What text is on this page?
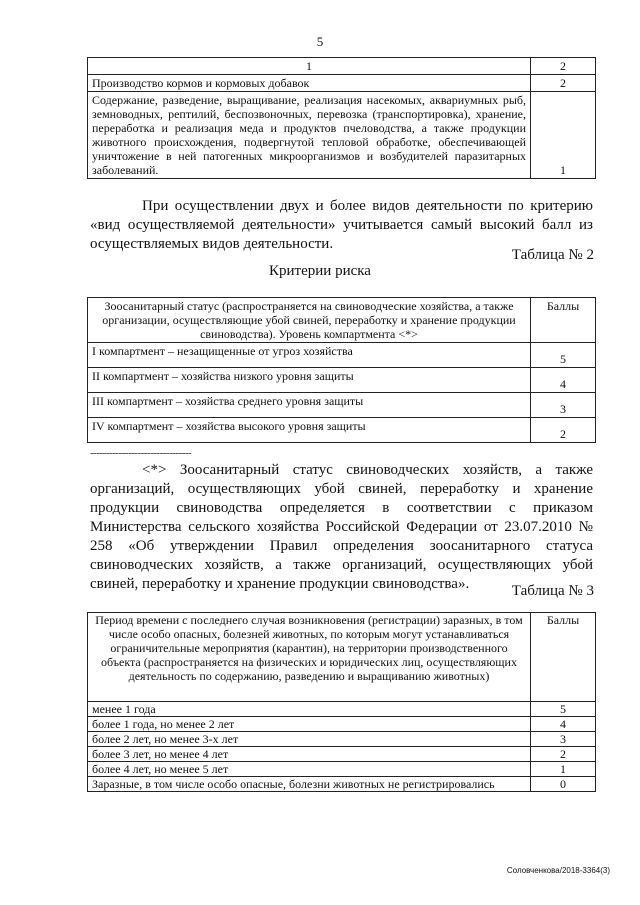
5
1	2
Производство кормов и кормовых добавок	2
Содержание, разведение, выращивание, реализация насекомых, аквариумных рыб, земноводных, рептилий, беспозвоночных, перевозка (транспортировка), хранение, переработка и реализация меда и продуктов пчеловодства, а также продукции животного происхождения, подвергнутой тепловой обработке, обеспечивающей уничтожение в ней патогенных микроорганизмов и возбудителей паразитарных заболеваний.	1

При осуществлении двух и более видов деятельности по критерию «вид осуществляемой деятельности» учитывается самый высокий балл из осуществляемых видов деятельности.

Таблица № 2
Критерии риска
Зоосанитарный статус (распространяется на свиноводческие хозяйства, а также организации, осуществляющие убой свиней, переработку и хранение продукции свиноводства). Уровень компартмента <*>	Баллы
I компартмент – незащищенные от угроз хозяйства	5
II компартмент – хозяйства низкого уровня защиты	4
III компартмент – хозяйства среднего уровня защиты	3
IV компартмент – хозяйства высокого уровня защиты	2
--------------------------------

<*> Зоосанитарный статус свиноводческих хозяйств, а также организаций, осуществляющих убой свиней, переработку и хранение продукции свиноводства определяется в соответствии с приказом Министерства сельского хозяйства Российской Федерации от 23.07.2010 № 258 «Об утверждении Правил определения зоосанитарного статуса свиноводческих хозяйств, а также организаций, осуществляющих убой свиней, переработку и хранение продукции свиноводства».	Таблица № 3
Период времени с последнего случая возникновения (регистрации) заразных, в том числе особо опасных, болезней животных, по которым могут устанавливаться ограничительные мероприятия (карантин), на территории производственного объекта (распространяется на физических и юридических лиц, осуществляющих деятельность по содержанию, разведению и выращиванию животных)	Баллы
менее 1 года	5
более 1 года, но менее 2 лет	4
более 2 лет, но менее 3-х лет	3
более 3 лет, но менее 4 лет	2
более 4 лет, но менее 5 лет	1
Заразные, в том числе особо опасные, болезни животных не регистрировались	0
Соловченкова/2018-3364(3)
